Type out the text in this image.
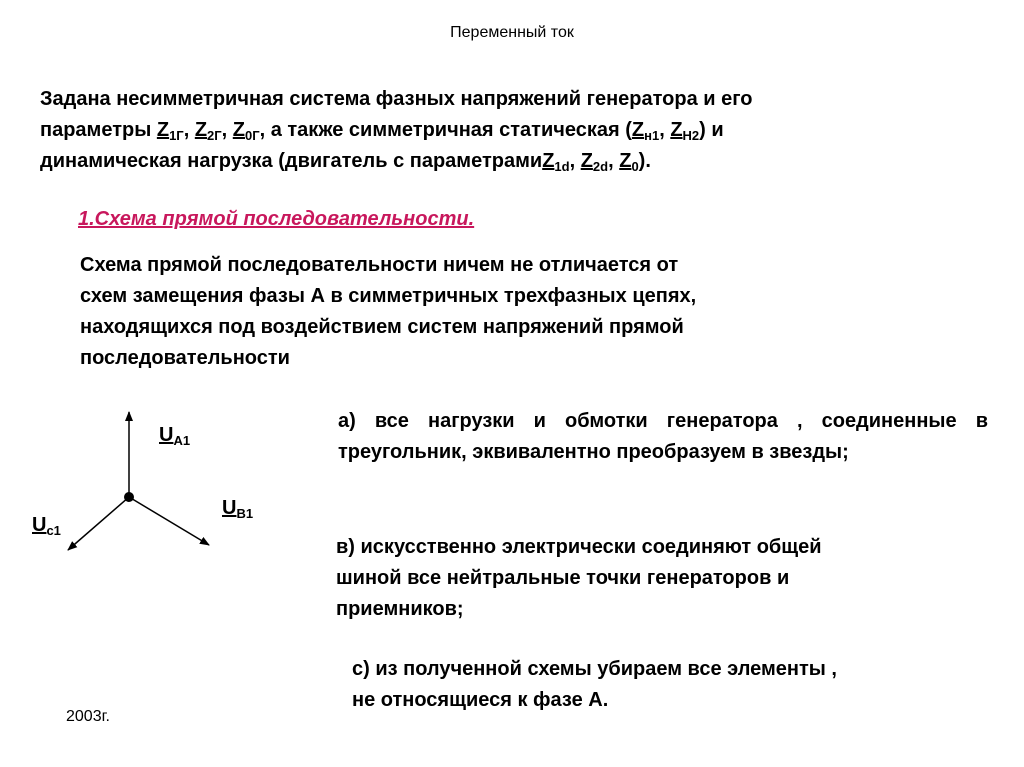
Переменный ток
Задана несимметричная система фазных напряжений генератора и его
параметры $Z_{1Г}$, $Z_{2Г}$, $Z_{0Г}$, а также симметричная статическая ($Z_{н1}$, $Z_{Н2}$) и
динамическая нагрузка (двигатель с параметрамиZ$_{1d}$, $Z_{2d}$, $Z_0$).
1.Схема прямой последовательности.
Схема прямой последовательности ничем не отличается от
схем замещения фазы А в симметричных трехфазных цепях,
находящихся под воздействием систем напряжений прямой
последовательности
$U_{A1}$
$U_{B1}$
$U_{c1}$
а) все нагрузки и обмотки генератора , соединенные в треугольник, эквивалентно преобразуем в звезды;
в) искусственно электрически соединяют общей
шиной все нейтральные точки генераторов и
приемников;
с) из полученной схемы убираем все элементы ,
не относящиеся к фазе А.
2003г.
